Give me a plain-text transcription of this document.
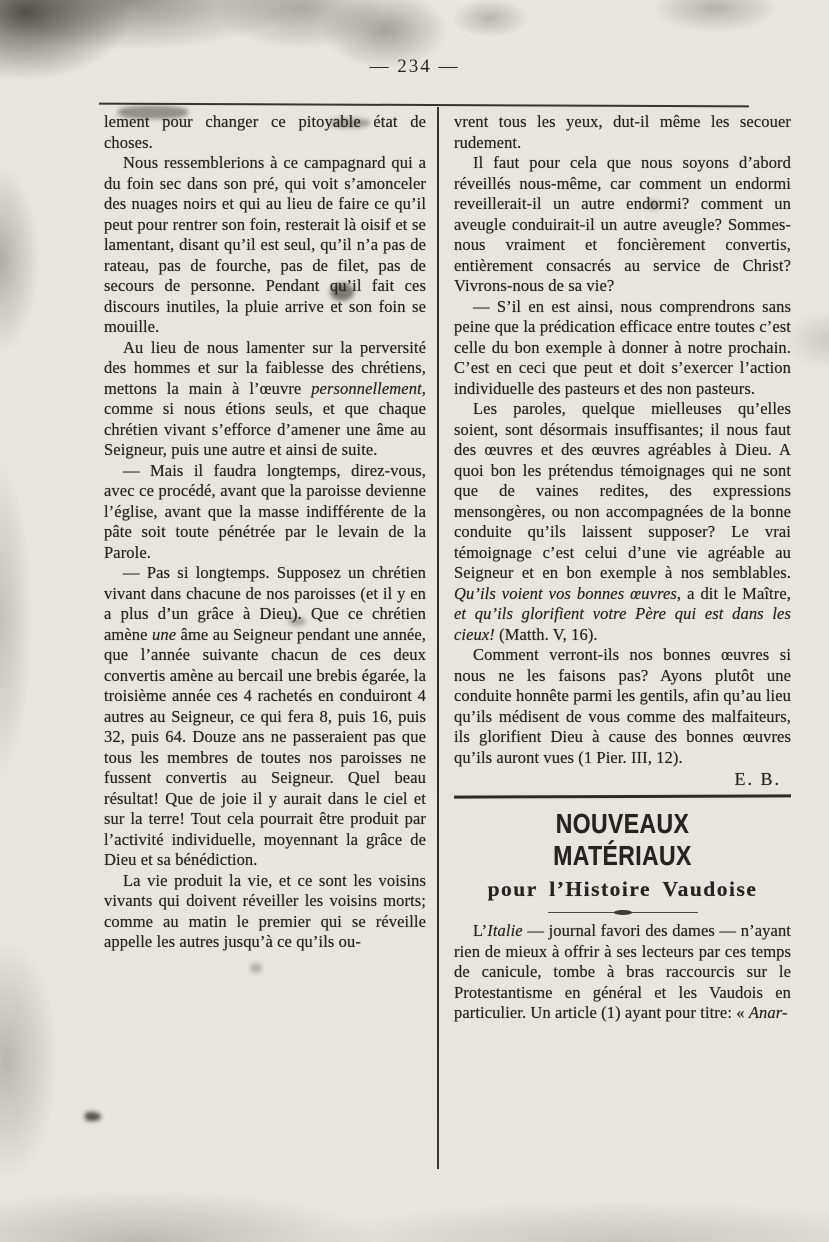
— 234 —

lement pour changer ce pitoyable état de choses.

Nous ressemblerions à ce campagnard qui a du foin sec dans son pré, qui voit s’amonceler des nuages noirs et qui au lieu de faire ce qu’il peut pour rentrer son foin, resterait là oisif et se lamentant, disant qu’il est seul, qu’il n’a pas de rateau, pas de fourche, pas de filet, pas de secours de personne. Pendant qu’il fait ces discours inutiles, la pluie arrive et son foin se mouille.

Au lieu de nous lamenter sur la perversité des hommes et sur la faiblesse des chrétiens, mettons la main à l’œuvre personnellement, comme si nous étions seuls, et que chaque chrétien vivant s’efforce d’amener une âme au Seigneur, puis une autre et ainsi de suite.

— Mais il faudra longtemps, direz-vous, avec ce procédé, avant que la paroisse devienne l’église, avant que la masse indifférente de la pâte soit toute pénétrée par le levain de la Parole.

— Pas si longtemps. Supposez un chrétien vivant dans chacune de nos paroisses (et il y en a plus d’un grâce à Dieu). Que ce chrétien amène une âme au Seigneur pendant une année, que l’année suivante chacun de ces deux convertis amène au bercail une brebis égarée, la troisième année ces 4 rachetés en conduiront 4 autres au Seigneur, ce qui fera 8, puis 16, puis 32, puis 64. Douze ans ne passeraient pas que tous les membres de toutes nos paroisses ne fussent convertis au Seigneur. Quel beau résultat! Que de joie il y aurait dans le ciel et sur la terre! Tout cela pourrait être produit par l’activité individuelle, moyennant la grâce de Dieu et sa bénédiction.

La vie produit la vie, et ce sont les voisins vivants qui doivent réveiller les voisins morts; comme au matin le premier qui se réveille appelle les autres jusqu’à ce qu’ils ou-

vrent tous les yeux, dut-il même les secouer rudement.

Il faut pour cela que nous soyons d’abord réveillés nous-même, car comment un endormi reveillerait-il un autre endormi? comment un aveugle conduirait-il un autre aveugle? Sommes-nous vraiment et foncièrement convertis, entièrement consacrés au service de Christ? Vivrons-nous de sa vie?

— S’il en est ainsi, nous comprendrons sans peine que la prédication efficace entre toutes c’est celle du bon exemple à donner à notre prochain. C’est en ceci que peut et doit s’exercer l’action individuelle des pasteurs et des non pasteurs.

Les paroles, quelque mielleuses qu’elles soient, sont désormais insuffisantes; il nous faut des œuvres et des œuvres agréables à Dieu. A quoi bon les prétendus témoignages qui ne sont que de vaines redites, des expressions mensongères, ou non accompagnées de la bonne conduite qu’ils laissent supposer? Le vrai témoignage c’est celui d’une vie agréable au Seigneur et en bon exemple à nos semblables. Qu’ils voient vos bonnes œuvres, a dit le Maître, et qu’ils glorifient votre Père qui est dans les cieux! (Matth. V, 16).

Comment verront-ils nos bonnes œuvres si nous ne les faisons pas? Ayons plutôt une conduite honnête parmi les gentils, afin qu’au lieu qu’ils médisent de vous comme des malfaiteurs, ils glorifient Dieu à cause des bonnes œuvres qu’ils auront vues (1 Pier. III, 12).

E. B.
NOUVEAUX MATÉRIAUX
pour l’Histoire Vaudoise

L’Italie — journal favori des dames — n’ayant rien de mieux à offrir à ses lecteurs par ces temps de canicule, tombe à bras raccourcis sur le Protestantisme en général et les Vaudois en particulier. Un article (1) ayant pour titre: « Anar-
